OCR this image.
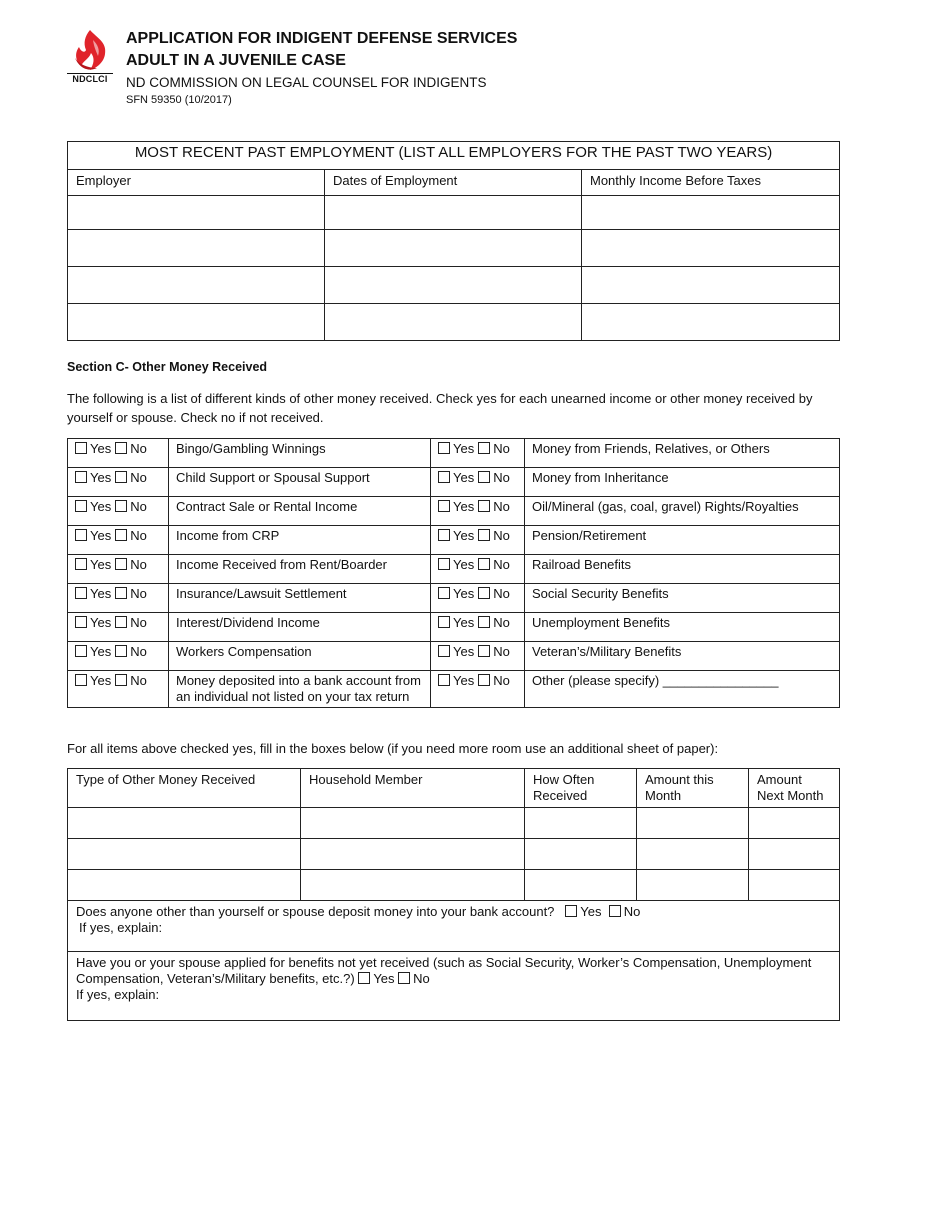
NDCLCI
APPLICATION FOR INDIGENT DEFENSE SERVICES
ADULT IN A JUVENILE CASE
ND COMMISSION ON LEGAL COUNSEL FOR INDIGENTS
SFN 59350 (10/2017)
MOST RECENT PAST EMPLOYMENT (LIST ALL EMPLOYERS FOR THE PAST TWO YEARS)		
Employer	Dates of Employment	Monthly Income Before Taxes

Section C- Other Money Received
The following is a list of different kinds of other money received. Check yes for each unearned income or other money received by yourself or spouse. Check no if not received.
Yes No	Bingo/Gambling Winnings	Yes No	Money from Friends, Relatives, or Others
Yes No	Child Support or Spousal Support	Yes No	Money from Inheritance
Yes No	Contract Sale or Rental Income	Yes No	Oil/Mineral (gas, coal, gravel) Rights/Royalties
Yes No	Income from CRP	Yes No	Pension/Retirement
Yes No	Income Received from Rent/Boarder	Yes No	Railroad Benefits
Yes No	Insurance/Lawsuit Settlement	Yes No	Social Security Benefits
Yes No	Interest/Dividend Income	Yes No	Unemployment Benefits
Yes No	Workers Compensation	Yes No	Veteran’s/Military Benefits
Yes No	Money deposited into a bank account from an individual not listed on your tax return	Yes No	Other (please specify) ________________
For all items above checked yes, fill in the boxes below (if you need more room use an additional sheet of paper):
Type of Other Money Received	Household Member	How Often Received	Amount this Month	Amount Next Month

Does anyone other than yourself or spouse deposit money into your bank account? Yes No
If yes, explain:				
Have you or your spouse applied for benefits not yet received (such as Social Security, Worker’s Compensation, Unemployment Compensation, Veteran’s/Military benefits, etc.?) Yes No
If yes, explain:				
